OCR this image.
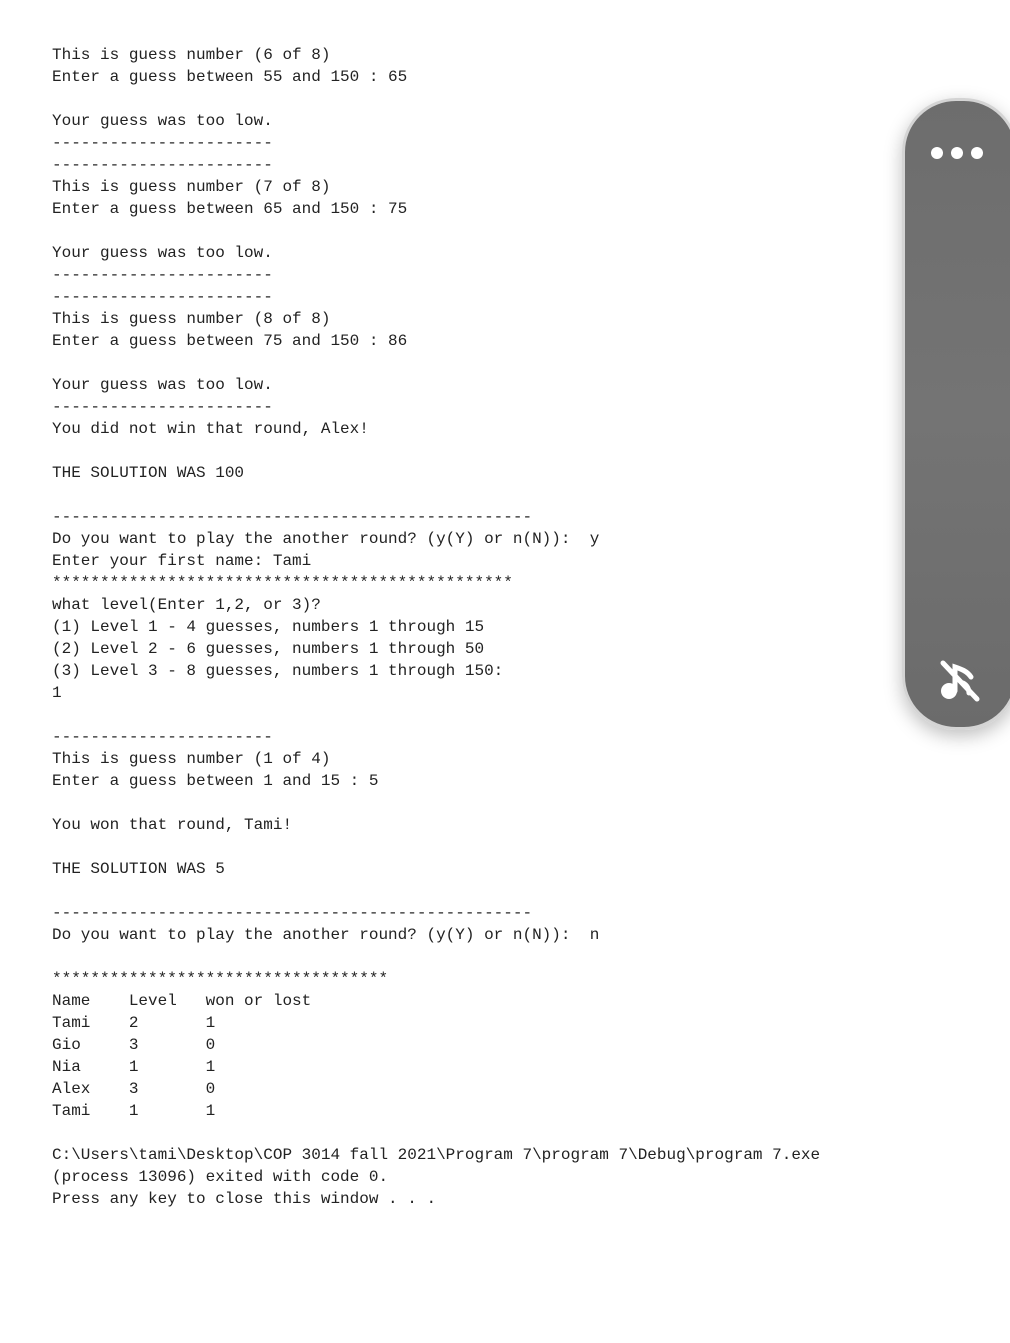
This is guess number (6 of 8)
Enter a guess between 55 and 150 : 65

Your guess was too low.
-----------------------
-----------------------
This is guess number (7 of 8)
Enter a guess between 65 and 150 : 75

Your guess was too low.
-----------------------
-----------------------
This is guess number (8 of 8)
Enter a guess between 75 and 150 : 86

Your guess was too low.
-----------------------
You did not win that round, Alex!

THE SOLUTION WAS 100

--------------------------------------------------
Do you want to play the another round? (y(Y) or n(N)):  y
Enter your first name: Tami
************************************************
what level(Enter 1,2, or 3)?
(1) Level 1 - 4 guesses, numbers 1 through 15
(2) Level 2 - 6 guesses, numbers 1 through 50
(3) Level 3 - 8 guesses, numbers 1 through 150:
1

-----------------------
This is guess number (1 of 4)
Enter a guess between 1 and 15 : 5

You won that round, Tami!

THE SOLUTION WAS 5

--------------------------------------------------
Do you want to play the another round? (y(Y) or n(N)):  n

***********************************
Name    Level   won or lost
Tami    2       1
Gio     3       0
Nia     1       1
Alex    3       0
Tami    1       1

C:\Users\tami\Desktop\COP 3014 fall 2021\Program 7\program 7\Debug\program 7.exe
(process 13096) exited with code 0.
Press any key to close this window . . .
